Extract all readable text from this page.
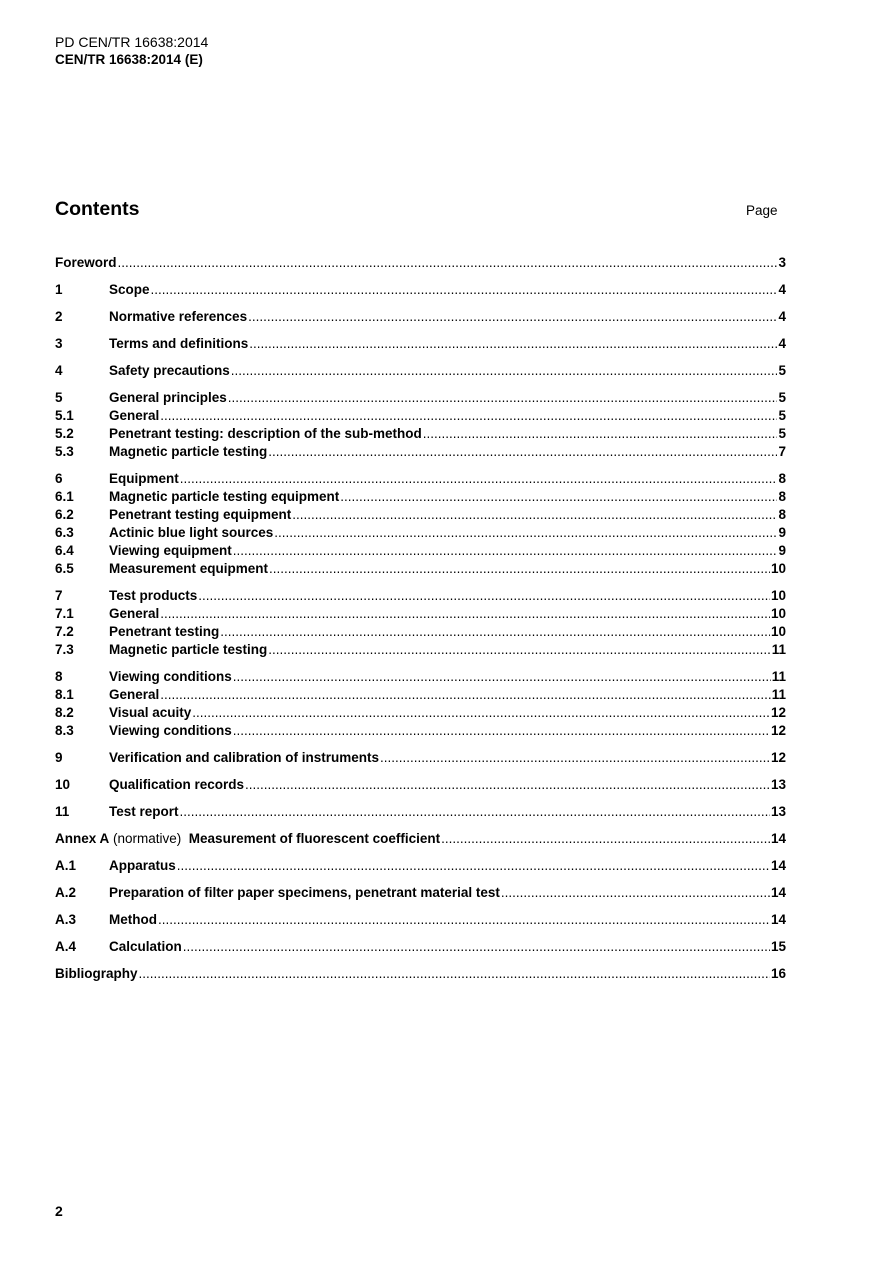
PD CEN/TR 16638:2014
CEN/TR 16638:2014 (E)
Contents	Page
Foreword .....	3
1	Scope .....	4
2	Normative references .....	4
3	Terms and definitions .....	4
4	Safety precautions .....	5
5	General principles .....	5
5.1	General .....	5
5.2	Penetrant testing: description of the sub-method .....	5
5.3	Magnetic particle testing .....	7
6	Equipment .....	8
6.1	Magnetic particle testing equipment .....	8
6.2	Penetrant testing equipment .....	8
6.3	Actinic blue light sources .....	9
6.4	Viewing equipment .....	9
6.5	Measurement equipment .....	10
7	Test products .....	10
7.1	General .....	10
7.2	Penetrant testing .....	10
7.3	Magnetic particle testing .....	11
8	Viewing conditions .....	11
8.1	General .....	11
8.2	Visual acuity .....	12
8.3	Viewing conditions .....	12
9	Verification and calibration of instruments .....	12
10	Qualification records .....	13
11	Test report .....	13
Annex A (normative) Measurement of fluorescent coefficient .....	14
A.1	Apparatus .....	14
A.2	Preparation of filter paper specimens, penetrant material test .....	14
A.3	Method .....	14
A.4	Calculation .....	15
Bibliography .....	16
2
